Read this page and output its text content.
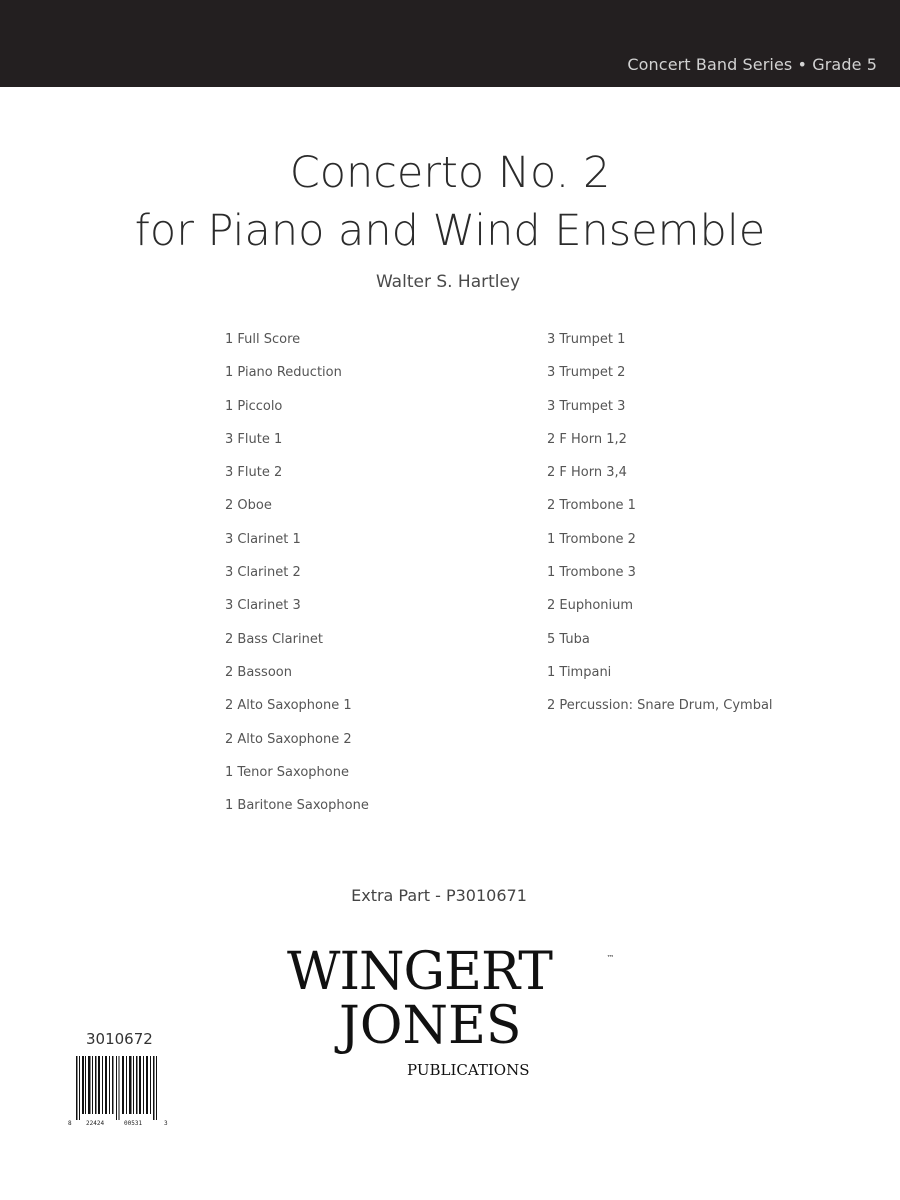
Concert Band Series • Grade 5
Concerto No. 2
for Piano and Wind Ensemble
Walter S. Hartley
1 Full Score
1 Piano Reduction
1 Piccolo
3 Flute 1
3 Flute 2
2 Oboe
3 Clarinet 1
3 Clarinet 2
3 Clarinet 3
2 Bass Clarinet
2 Bassoon
2 Alto Saxophone 1
2 Alto Saxophone 2
1 Tenor Saxophone
1 Baritone Saxophone
3 Trumpet 1
3 Trumpet 2
3 Trumpet 3
2 F Horn 1,2
2 F Horn 3,4
2 Trombone 1
1 Trombone 2
1 Trombone 3
2 Euphonium
5 Tuba
1 Timpani
2 Percussion: Snare Drum, Cymbal
Extra Part - P3010671
WINGERT	™
JONES
PUBLICATIONS
3010672
8 22424	00531	3
